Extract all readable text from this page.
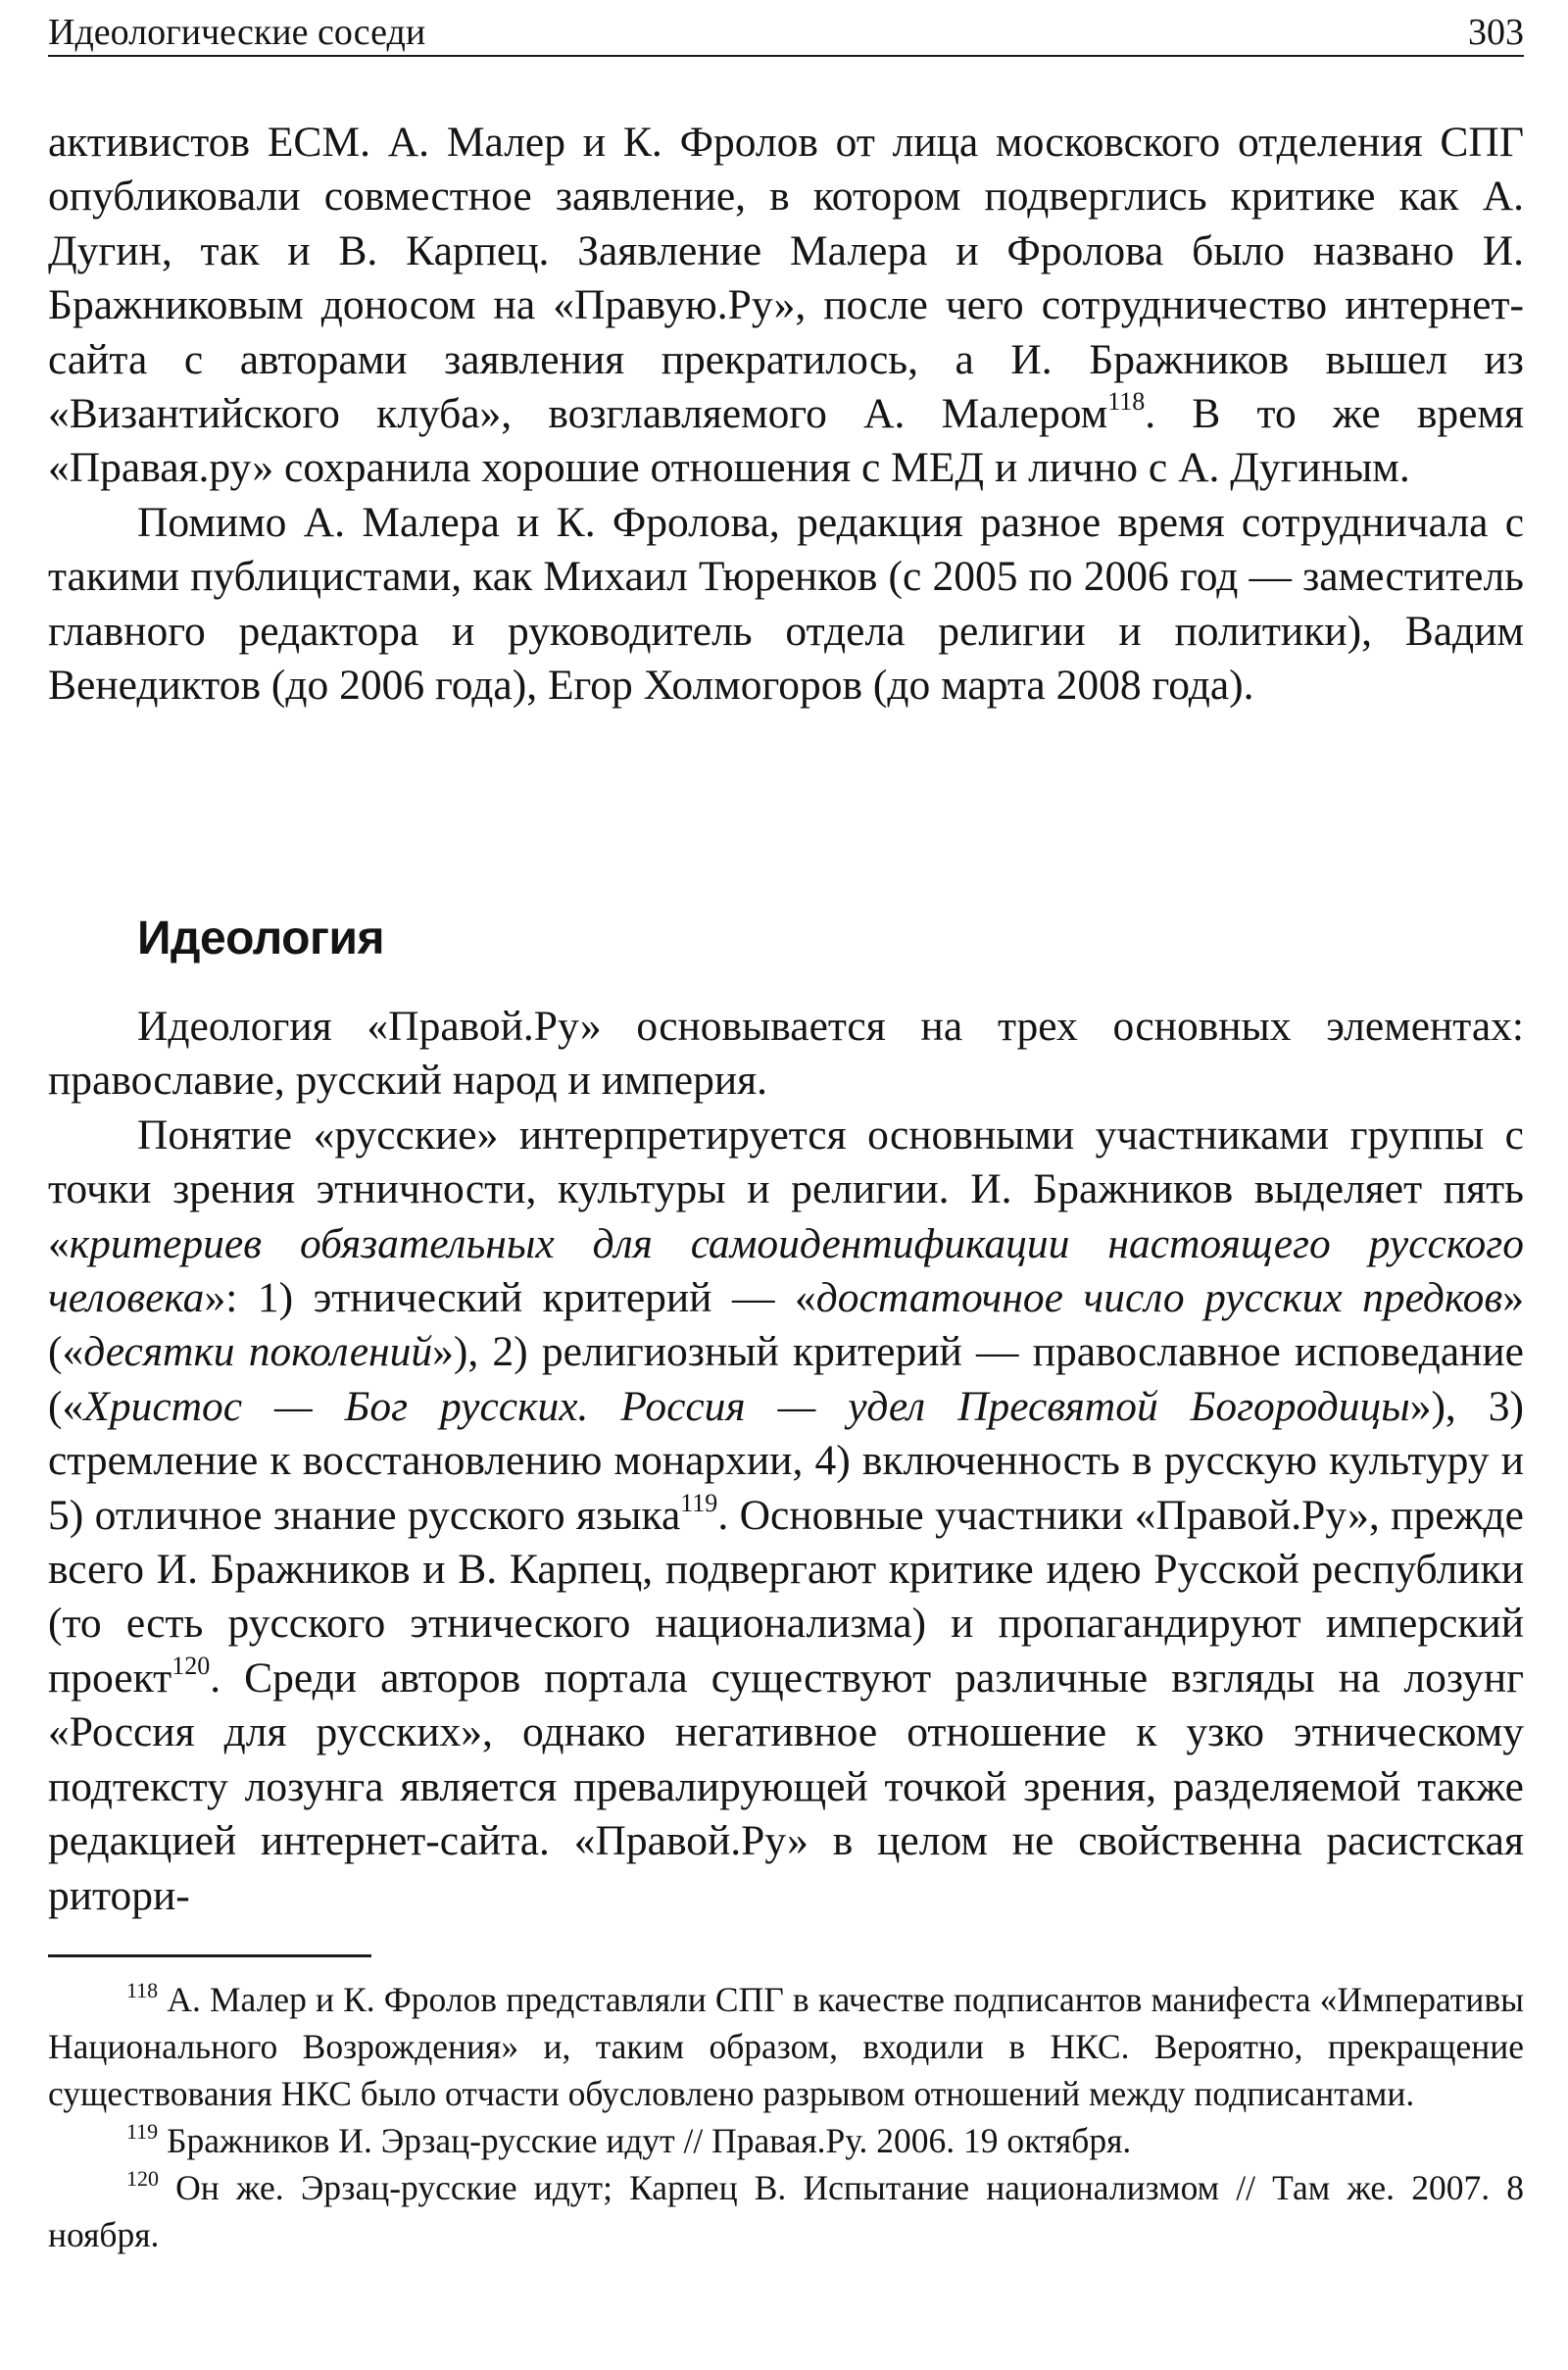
Идеологические соседи	303

активистов ЕСМ. А. Малер и К. Фролов от лица московского отделения СПГ опубликовали совместное заявление, в котором подверглись критике как А. Дугин, так и В. Карпец. Заявление Малера и Фролова было названо И. Бражниковым доносом на «Правую.Ру», после чего сотрудничество интернет-сайта с авторами заявления прекратилось, а И. Бражников вышел из «Византийского клуба», возглавляемого А. Малером$^{118}$. В то же время «Правая.ру» сохранила хорошие отношения с МЕД и лично с А. Дугиным.

Помимо А. Малера и К. Фролова, редакция разное время сотрудничала с такими публицистами, как Михаил Тюренков (с 2005 по 2006 год — заместитель главного редактора и руководитель отдела религии и политики), Вадим Венедиктов (до 2006 года), Егор Холмогоров (до марта 2008 года).

Идеология

Идеология «Правой.Ру» основывается на трех основных элементах: православие, русский народ и империя.

Понятие «русские» интерпретируется основными участниками группы с точки зрения этничности, культуры и религии. И. Бражников выделяет пять «критериев обязательных для самоидентификации настоящего русского человека»: 1) этнический критерий — «достаточное число русских предков» («десятки поколений»), 2) религиозный критерий — православное исповедание («Христос — Бог русских. Россия — удел Пресвятой Богородицы»), 3) стремление к восстановлению монархии, 4) включенность в русскую культуру и 5) отличное знание русского языка$^{119}$. Основные участники «Правой.Ру», прежде всего И. Бражников и В. Карпец, подвергают критике идею Русской республики (то есть русского этнического национализма) и пропагандируют имперский проект$^{120}$. Среди авторов портала существуют различные взгляды на лозунг «Россия для русских», однако негативное отношение к узко этническому подтексту лозунга является превалирующей точкой зрения, разделяемой также редакцией интернет-сайта. «Правой.Ру» в целом не свойственна расистская ритори-

$^{118}$ А. Малер и К. Фролов представляли СПГ в качестве подписантов манифеста «Императивы Национального Возрождения» и, таким образом, входили в НКС. Вероятно, прекращение существования НКС было отчасти обусловлено разрывом отношений между подписантами.

$^{119}$ Бражников И. Эрзац-русские идут // Правая.Ру. 2006. 19 октября.

$^{120}$ Он же. Эрзац-русские идут; Карпец В. Испытание национализмом // Там же. 2007. 8 ноября.
